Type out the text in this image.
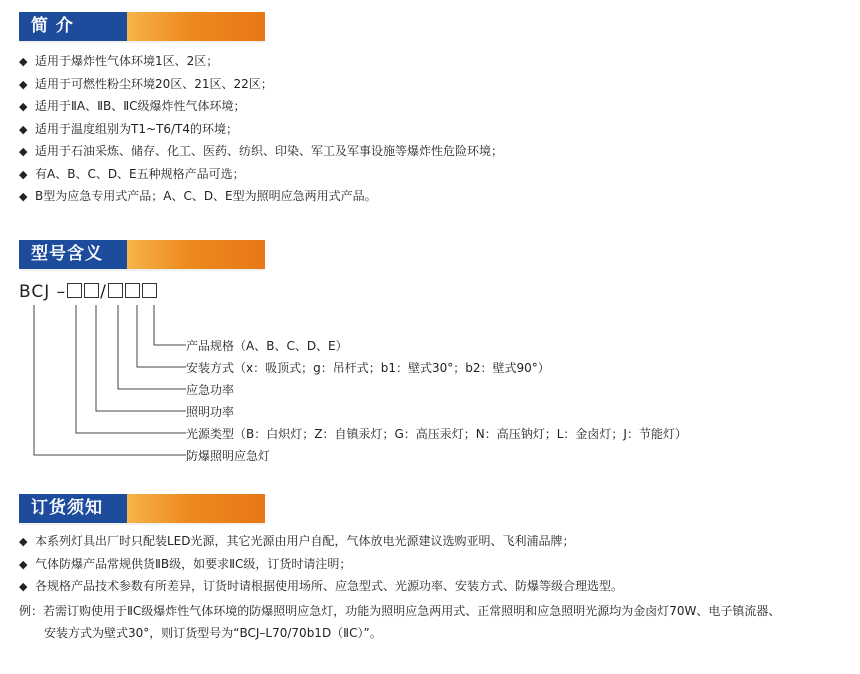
简 介
◆ 适用于爆炸性气体环境1区、2区；
◆ 适用于可燃性粉尘环境20区、21区、22区；
◆ 适用于ⅡA、ⅡB、ⅡC级爆炸性气体环境；
◆ 适用于温度组别为T1~T6/T4的环境；
◆ 适用于石油采炼、储存、化工、医药、纺织、印染、军工及军事设施等爆炸性危险环境；
◆ 有A、B、C、D、E五种规格产品可选；
◆ B型为应急专用式产品；A、C、D、E型为照明应急两用式产品。
型号含义
BCJ – /
产品规格（A、B、C、D、E）
安装方式（x：吸顶式；g：吊杆式；b1：壁式30°；b2：壁式90°）
应急功率
照明功率
光源类型（B：白炽灯；Z：自镇汞灯；G：高压汞灯；N：高压钠灯；L：金卤灯；J：节能灯）
防爆照明应急灯
订货须知
◆ 本系列灯具出厂时只配装LED光源，其它光源由用户自配，气体放电光源建议选购亚明、飞利浦品牌；
◆ 气体防爆产品常规供货ⅡB级，如要求ⅡC级，订货时请注明；
◆ 各规格产品技术参数有所差异，订货时请根据使用场所、应急型式、光源功率、安装方式、防爆等级合理选型。
例：若需订购使用于ⅡC级爆炸性气体环境的防爆照明应急灯，功能为照明应急两用式、正常照明和应急照明光源均为金卤灯70W、电子镇流器、
安装方式为壁式30°，则订货型号为“BCJ–L70/70b1D（ⅡC）”。
